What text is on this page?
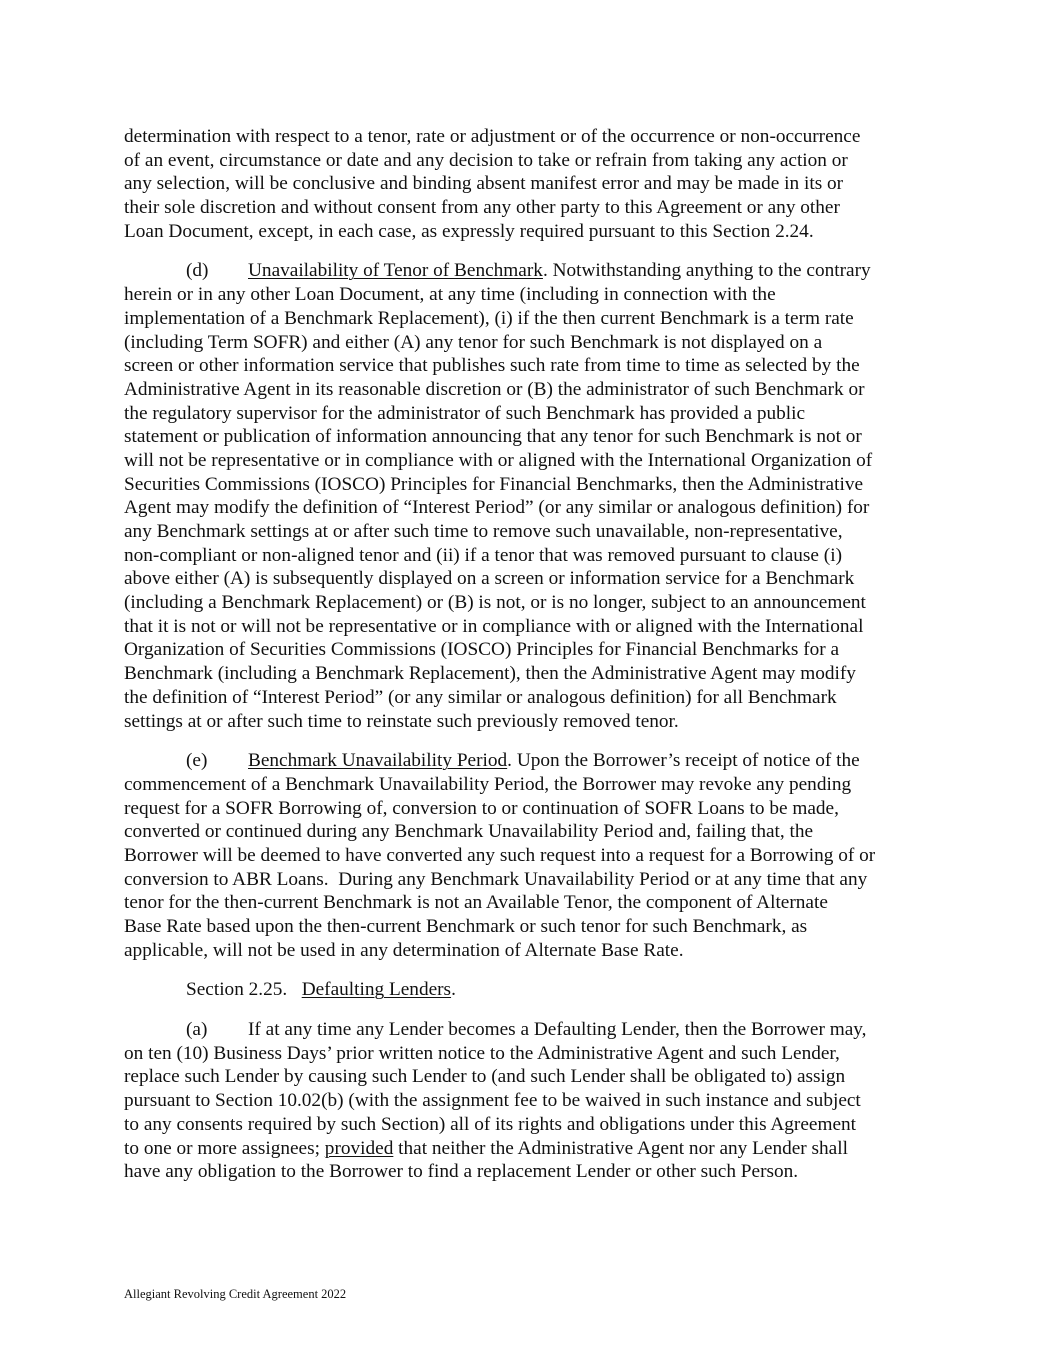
determination with respect to a tenor, rate or adjustment or of the occurrence or non-occurrence
of an event, circumstance or date and any decision to take or refrain from taking any action or
any selection, will be conclusive and binding absent manifest error and may be made in its or
their sole discretion and without consent from any other party to this Agreement or any other
Loan Document, except, in each case, as expressly required pursuant to this Section 2.24.
(d) Unavailability of Tenor of Benchmark. Notwithstanding anything to the contrary
herein or in any other Loan Document, at any time (including in connection with the
implementation of a Benchmark Replacement), (i) if the then current Benchmark is a term rate
(including Term SOFR) and either (A) any tenor for such Benchmark is not displayed on a
screen or other information service that publishes such rate from time to time as selected by the
Administrative Agent in its reasonable discretion or (B) the administrator of such Benchmark or
the regulatory supervisor for the administrator of such Benchmark has provided a public
statement or publication of information announcing that any tenor for such Benchmark is not or
will not be representative or in compliance with or aligned with the International Organization of
Securities Commissions (IOSCO) Principles for Financial Benchmarks, then the Administrative
Agent may modify the definition of “Interest Period” (or any similar or analogous definition) for
any Benchmark settings at or after such time to remove such unavailable, non-representative,
non-compliant or non-aligned tenor and (ii) if a tenor that was removed pursuant to clause (i)
above either (A) is subsequently displayed on a screen or information service for a Benchmark
(including a Benchmark Replacement) or (B) is not, or is no longer, subject to an announcement
that it is not or will not be representative or in compliance with or aligned with the International
Organization of Securities Commissions (IOSCO) Principles for Financial Benchmarks for a
Benchmark (including a Benchmark Replacement), then the Administrative Agent may modify
the definition of “Interest Period” (or any similar or analogous definition) for all Benchmark
settings at or after such time to reinstate such previously removed tenor.
(e) Benchmark Unavailability Period. Upon the Borrower’s receipt of notice of the
commencement of a Benchmark Unavailability Period, the Borrower may revoke any pending
request for a SOFR Borrowing of, conversion to or continuation of SOFR Loans to be made,
converted or continued during any Benchmark Unavailability Period and, failing that, the
Borrower will be deemed to have converted any such request into a request for a Borrowing of or
conversion to ABR Loans.  During any Benchmark Unavailability Period or at any time that any
tenor for the then-current Benchmark is not an Available Tenor, the component of Alternate
Base Rate based upon the then-current Benchmark or such tenor for such Benchmark, as
applicable, will not be used in any determination of Alternate Base Rate.
Section 2.25. Defaulting Lenders.
(a) If at any time any Lender becomes a Defaulting Lender, then the Borrower may,
on ten (10) Business Days’ prior written notice to the Administrative Agent and such Lender,
replace such Lender by causing such Lender to (and such Lender shall be obligated to) assign
pursuant to Section 10.02(b) (with the assignment fee to be waived in such instance and subject
to any consents required by such Section) all of its rights and obligations under this Agreement
to one or more assignees; provided that neither the Administrative Agent nor any Lender shall
have any obligation to the Borrower to find a replacement Lender or other such Person.
Allegiant Revolving Credit Agreement 2022
